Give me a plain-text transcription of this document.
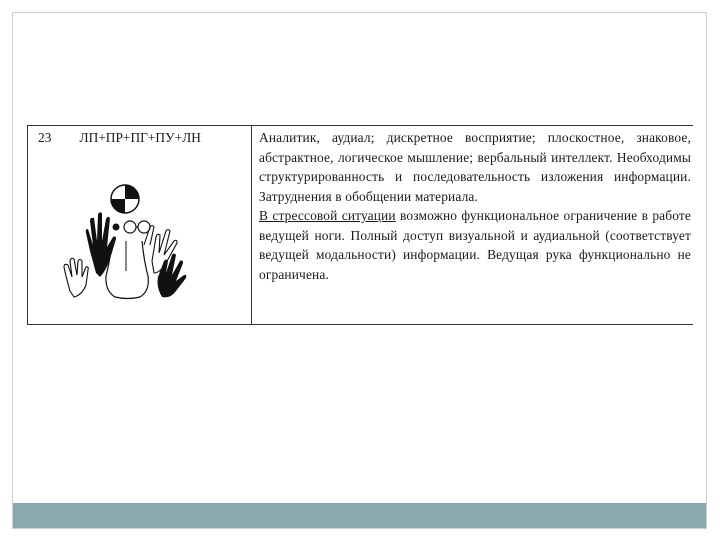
23	ЛП+ПР+ПГ+ПУ+ЛН	Аналитик, аудиал; дискретное восприятие; плоскостное, знаковое, абстрактное, логическое мышление; вербальный интеллект. Необходимы структурированность и последовательность изложения информации. Затруднения в обобщении материала.

В стрессовой ситуации возможно функциональное ограничение в работе ведущей ноги. Полный доступ визуальной и аудиальной (соответствует ведущей модальности) информации. Ведущая рука функционально не ограничена.
